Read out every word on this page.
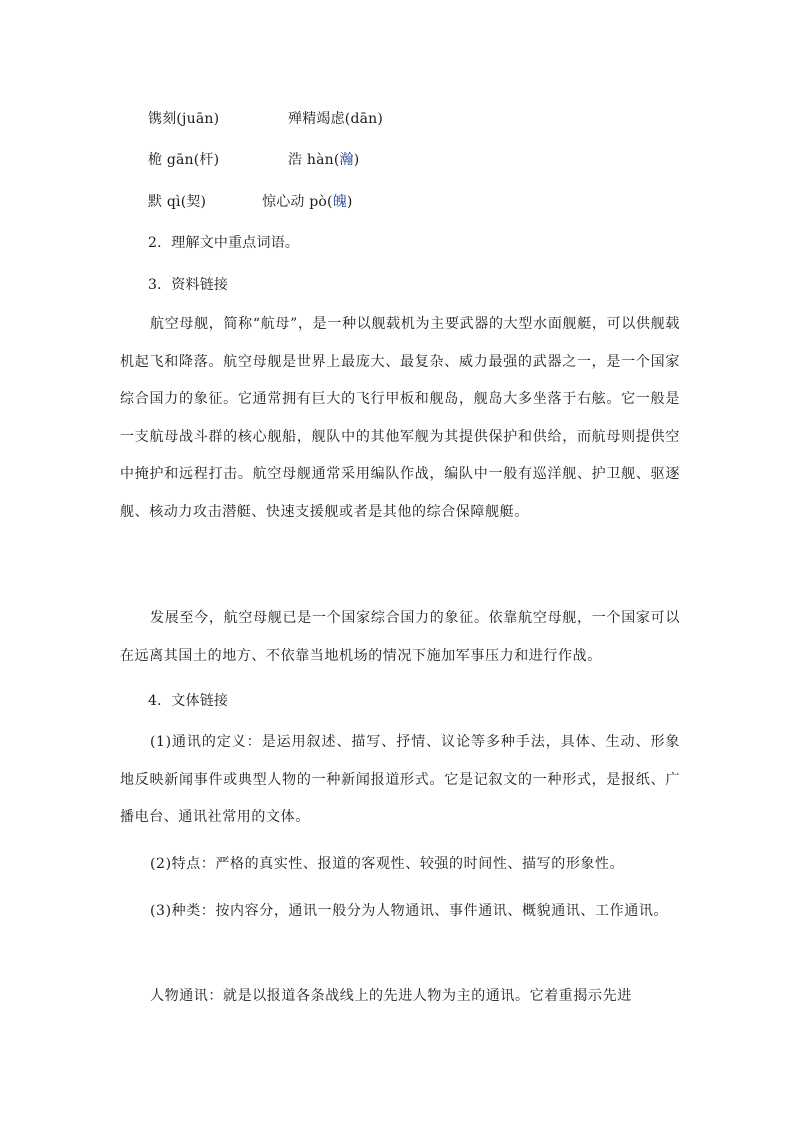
镌刻(juān)	殚精竭虑(dān)
桅 gān(杆)	浩 hàn(瀚)
默 qì(契)	惊心动 pò(魄)
2．理解文中重点词语。
3．资料链接
航空母舰，简称“航母”，是一种以舰载机为主要武器的大型水面舰艇，可以供舰载机起飞和降落。航空母舰是世界上最庞大、最复杂、威力最强的武器之一，是一个国家综合国力的象征。它通常拥有巨大的飞行甲板和舰岛，舰岛大多坐落于右舷。它一般是一支航母战斗群的核心舰船，舰队中的其他军舰为其提供保护和供给，而航母则提供空中掩护和远程打击。航空母舰通常采用编队作战，编队中一般有巡洋舰、护卫舰、驱逐舰、核动力攻击潜艇、快速支援舰或者是其他的综合保障舰艇。
发展至今，航空母舰已是一个国家综合国力的象征。依靠航空母舰，一个国家可以在远离其国土的地方、不依靠当地机场的情况下施加军事压力和进行作战。
4．文体链接
(1)通讯的定义：是运用叙述、描写、抒情、议论等多种手法，具体、生动、形象地反映新闻事件或典型人物的一种新闻报道形式。它是记叙文的一种形式，是报纸、广播电台、通讯社常用的文体。
(2)特点：严格的真实性、报道的客观性、较强的时间性、描写的形象性。
(3)种类：按内容分，通讯一般分为人物通讯、事件通讯、概貌通讯、工作通讯。
人物通讯：就是以报道各条战线上的先进人物为主的通讯。它着重揭示先进
